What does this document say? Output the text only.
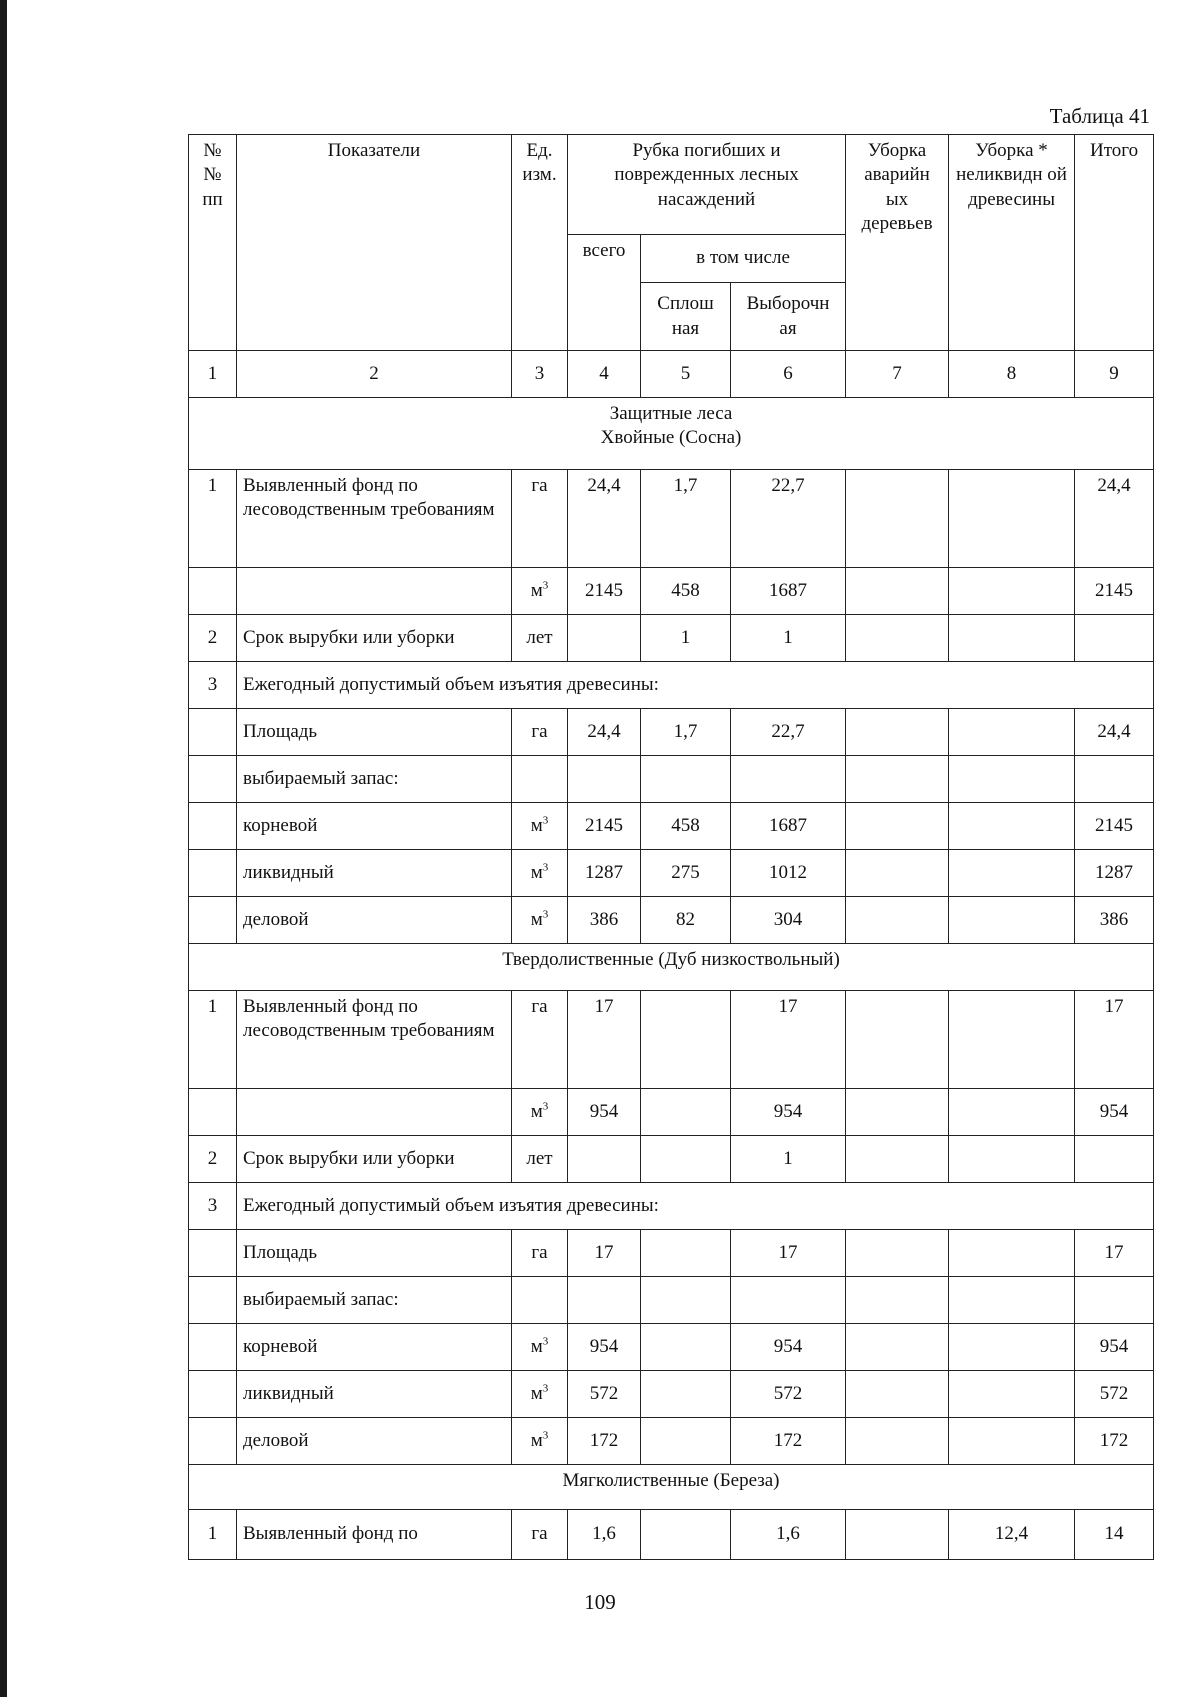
Таблица 41
№ № пп	Показатели	Ед. изм.	Рубка погибших и поврежденных лесных насаждений			Уборка аварийн ых деревьев	Уборка * неликвидн ой древесины	Итого
			всего	в том числе				
				Сплош ная	Выборочн ая			
1	2	3	4	5	6	7	8	9
Защитные леса
Хвойные (Сосна)								
1	Выявленный фонд по лесоводственным требованиям	га	24,4	1,7	22,7			24,4
		$м^3$	2145	458	1687			2145
2	Срок вырубки или уборки	лет		1	1			
3	Ежегодный допустимый объем изъятия древесины:							
	Площадь	га	24,4	1,7	22,7			24,4
	выбираемый запас:							
	корневой	$м^3$	2145	458	1687			2145
	ликвидный	$м^3$	1287	275	1012			1287
	деловой	$м^3$	386	82	304			386
Твердолиственные (Дуб низкоствольный)								
1	Выявленный фонд по лесоводственным требованиям	га	17		17			17
		$м^3$	954		954			954
2	Срок вырубки или уборки	лет			1			
3	Ежегодный допустимый объем изъятия древесины:							
	Площадь	га	17		17			17
	выбираемый запас:							
	корневой	$м^3$	954		954			954
	ликвидный	$м^3$	572		572			572
	деловой	$м^3$	172		172			172
Мягколиственные (Береза)								
1	Выявленный фонд по	га	1,6		1,6		12,4	14
109
